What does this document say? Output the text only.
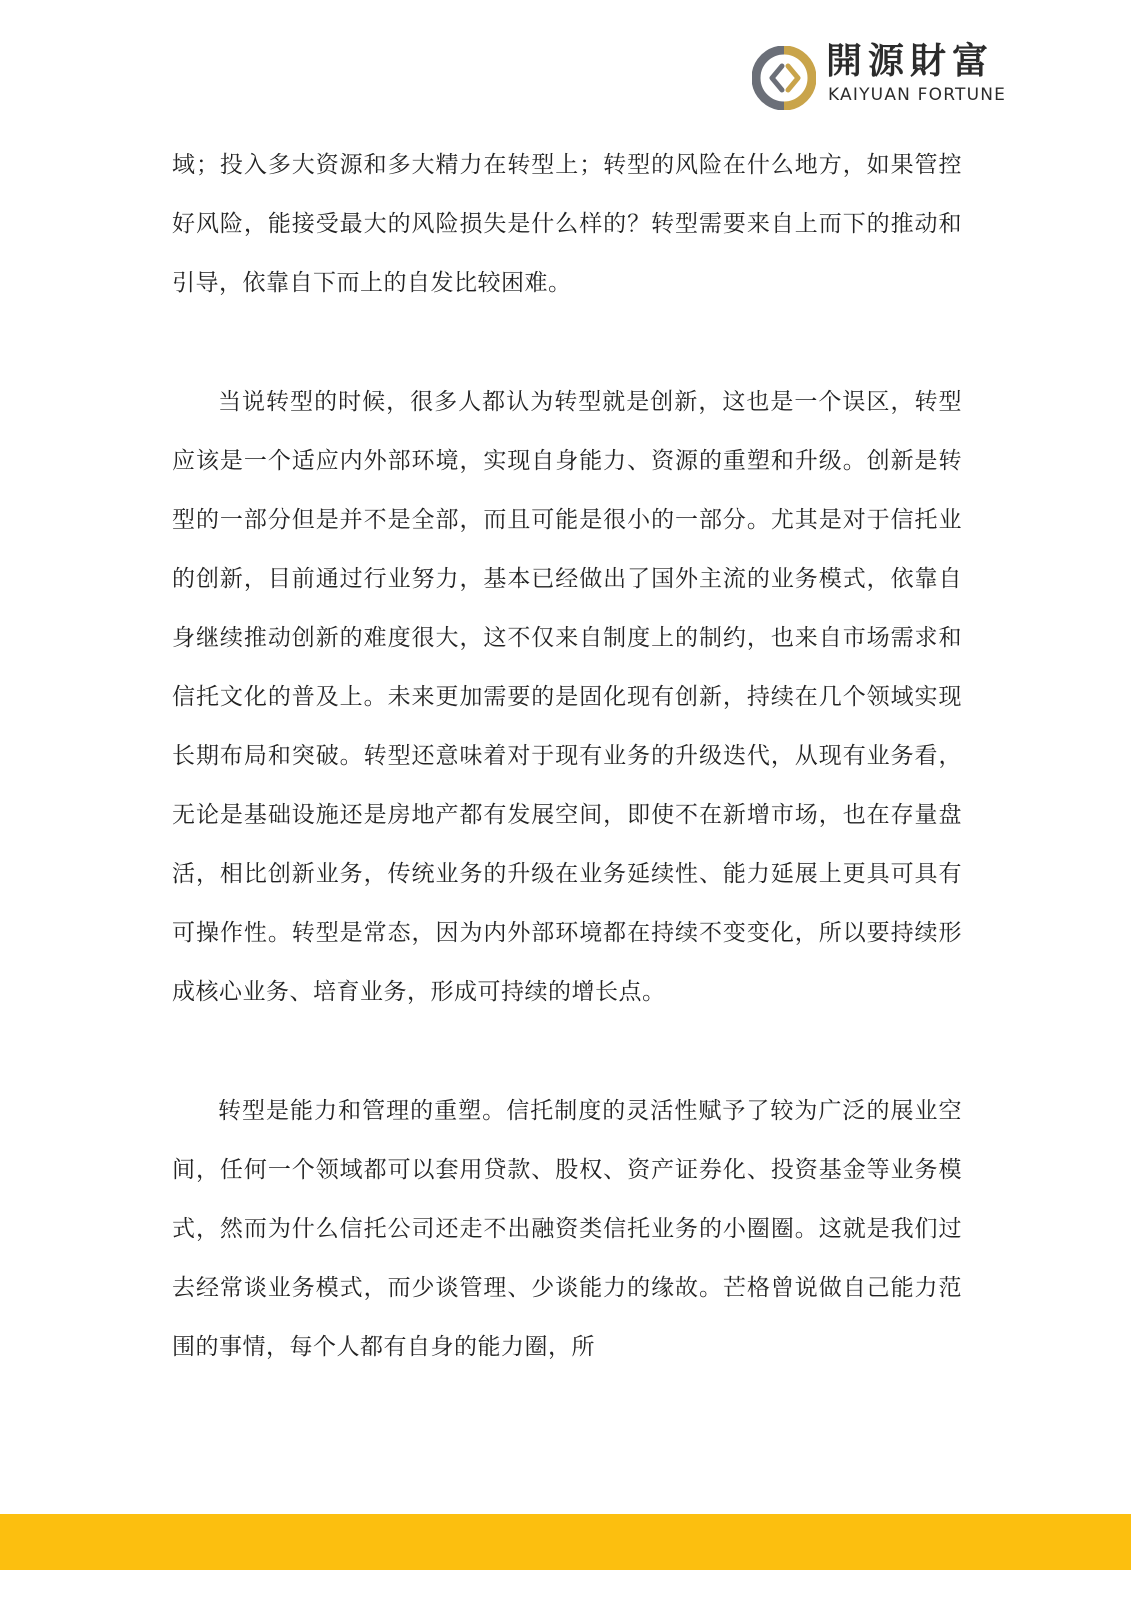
開源財富
KAIYUAN FORTUNE

域；投入多大资源和多大精力在转型上；转型的风险在什么地方，如果管控好风险，能接受最大的风险损失是什么样的？转型需要来自上而下的推动和引导，依靠自下而上的自发比较困难。

当说转型的时候，很多人都认为转型就是创新，这也是一个误区，转型应该是一个适应内外部环境，实现自身能力、资源的重塑和升级。创新是转型的一部分但是并不是全部，而且可能是很小的一部分。尤其是对于信托业的创新，目前通过行业努力，基本已经做出了国外主流的业务模式，依靠自身继续推动创新的难度很大，这不仅来自制度上的制约，也来自市场需求和信托文化的普及上。未来更加需要的是固化现有创新，持续在几个领域实现长期布局和突破。转型还意味着对于现有业务的升级迭代，从现有业务看，无论是基础设施还是房地产都有发展空间，即使不在新增市场，也在存量盘活，相比创新业务，传统业务的升级在业务延续性、能力延展上更具可具有可操作性。转型是常态，因为内外部环境都在持续不变变化，所以要持续形成核心业务、培育业务，形成可持续的增长点。

转型是能力和管理的重塑。信托制度的灵活性赋予了较为广泛的展业空间，任何一个领域都可以套用贷款、股权、资产证券化、投资基金等业务模式，然而为什么信托公司还走不出融资类信托业务的小圈圈。这就是我们过去经常谈业务模式，而少谈管理、少谈能力的缘故。芒格曾说做自己能力范围的事情，每个人都有自身的能力圈，所
